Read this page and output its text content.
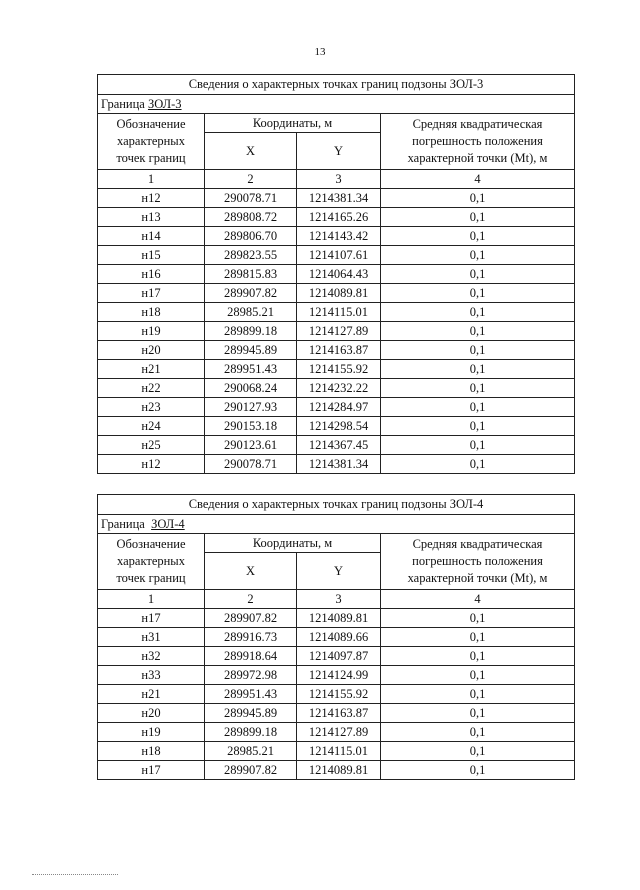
13
Сведения о характерных точках границ подзоны ЗОЛ-3			
Граница ЗОЛ-3			
Обозначение
характерных
точек границ	Координаты, м		Средняя квадратическая
погрешность положения
характерной точки (Mt), м
	X	Y	
1	2	3	4
н12	290078.71	1214381.34	0,1
н13	289808.72	1214165.26	0,1
н14	289806.70	1214143.42	0,1
н15	289823.55	1214107.61	0,1
н16	289815.83	1214064.43	0,1
н17	289907.82	1214089.81	0,1
н18	28985.21	1214115.01	0,1
н19	289899.18	1214127.89	0,1
н20	289945.89	1214163.87	0,1
н21	289951.43	1214155.92	0,1
н22	290068.24	1214232.22	0,1
н23	290127.93	1214284.97	0,1
н24	290153.18	1214298.54	0,1
н25	290123.61	1214367.45	0,1
н12	290078.71	1214381.34	0,1
Сведения о характерных точках границ подзоны ЗОЛ-4			
Граница  ЗОЛ-4			
Обозначение
характерных
точек границ	Координаты, м		Средняя квадратическая
погрешность положения
характерной точки (Mt), м
	X	Y	
1	2	3	4
н17	289907.82	1214089.81	0,1
н31	289916.73	1214089.66	0,1
н32	289918.64	1214097.87	0,1
н33	289972.98	1214124.99	0,1
н21	289951.43	1214155.92	0,1
н20	289945.89	1214163.87	0,1
н19	289899.18	1214127.89	0,1
н18	28985.21	1214115.01	0,1
н17	289907.82	1214089.81	0,1
